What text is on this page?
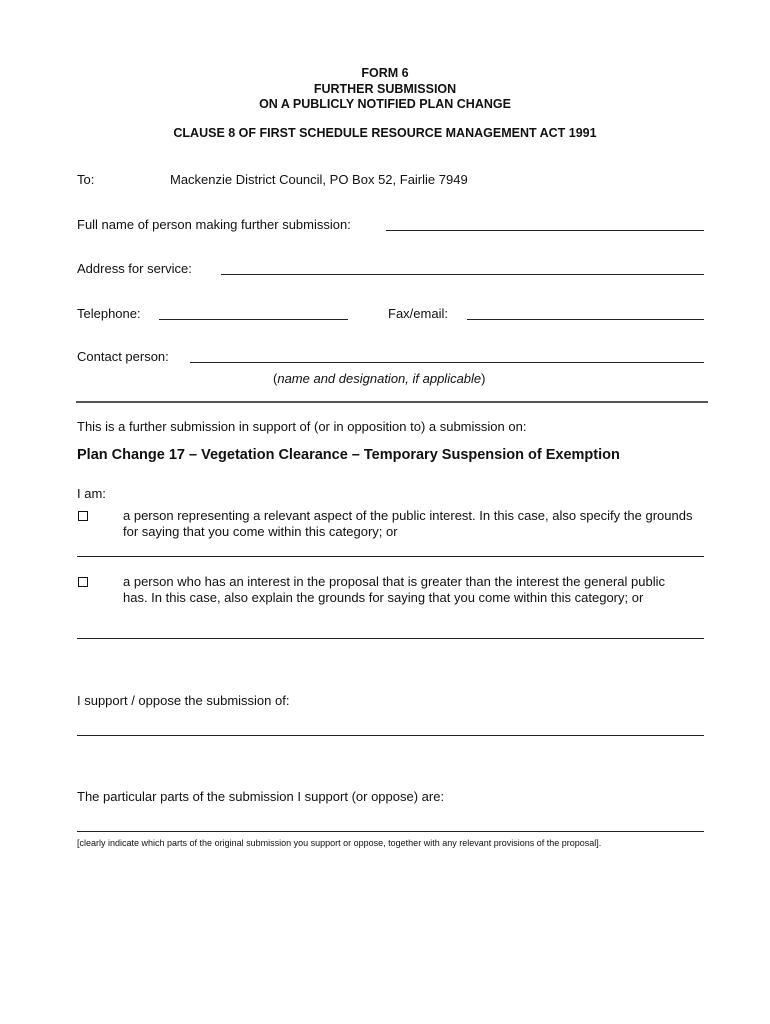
FORM 6
FURTHER SUBMISSION
ON A PUBLICLY NOTIFIED PLAN CHANGE
CLAUSE 8 OF FIRST SCHEDULE RESOURCE MANAGEMENT ACT 1991
To:	Mackenzie District Council, PO Box 52, Fairlie 7949
Full name of person making further submission:
Address for service:
Telephone:	Fax/email:
Contact person:
(name and designation, if applicable)
This is a further submission in support of (or in opposition to) a submission on:
Plan Change 17 – Vegetation Clearance – Temporary Suspension of Exemption
I am:
a person representing a relevant aspect of the public interest. In this case, also specify the grounds for saying that you come within this category; or
a person who has an interest in the proposal that is greater than the interest the general public has. In this case, also explain the grounds for saying that you come within this category; or
I support / oppose the submission of:
The particular parts of the submission I support (or oppose) are:
[clearly indicate which parts of the original submission you support or oppose, together with any relevant provisions of the proposal].
